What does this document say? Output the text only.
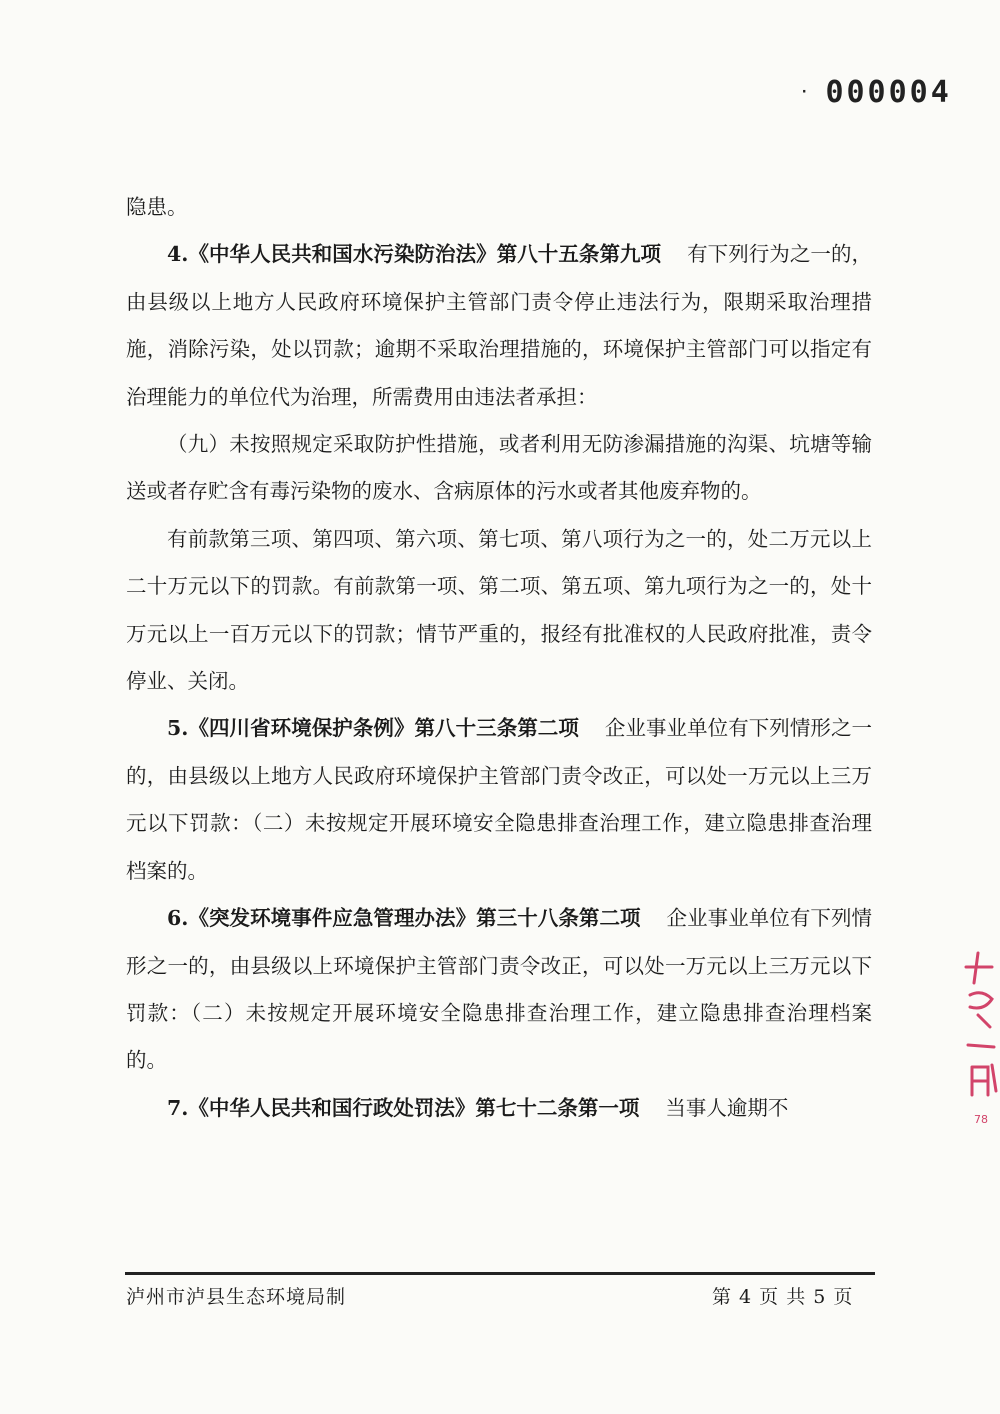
· 000004

隐患。

4.《中华人民共和国水污染防治法》第八十五条第九项 有下列行为之一的，由县级以上地方人民政府环境保护主管部门责令停止违法行为，限期采取治理措施，消除污染，处以罚款；逾期不采取治理措施的，环境保护主管部门可以指定有治理能力的单位代为治理，所需费用由违法者承担：

（九）未按照规定采取防护性措施，或者利用无防渗漏措施的沟渠、坑塘等输送或者存贮含有毒污染物的废水、含病原体的污水或者其他废弃物的。

有前款第三项、第四项、第六项、第七项、第八项行为之一的，处二万元以上二十万元以下的罚款。有前款第一项、第二项、第五项、第九项行为之一的，处十万元以上一百万元以下的罚款；情节严重的，报经有批准权的人民政府批准，责令停业、关闭。

5.《四川省环境保护条例》第八十三条第二项 企业事业单位有下列情形之一的，由县级以上地方人民政府环境保护主管部门责令改正，可以处一万元以上三万元以下罚款：（二）未按规定开展环境安全隐患排查治理工作，建立隐患排查治理档案的。

6.《突发环境事件应急管理办法》第三十八条第二项 企业事业单位有下列情形之一的，由县级以上环境保护主管部门责令改正，可以处一万元以上三万元以下罚款：（二）未按规定开展环境安全隐患排查治理工作，建立隐患排查治理档案的。

7.《中华人民共和国行政处罚法》第七十二条第一项 当事人逾期不	78
泸州市泸县生态环境局制	第 4 页 共 5 页
